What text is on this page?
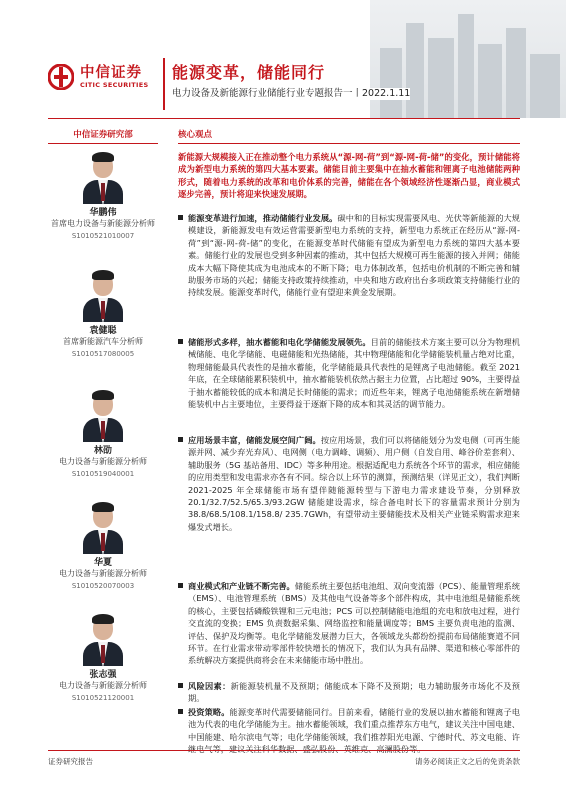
中信证券
CITIC SECURITIES
能源变革，储能同行
电力设备及新能源行业储能行业专题报告一丨2022.1.11
中信证券研究部
华鹏伟
首席电力设备与新能源分析师
S1010521010007
袁健聪
首席新能源汽车分析师
S1010517080005
林劭
电力设备与新能源分析师
S1010519040001
华夏
电力设备与新能源分析师
S1010520070003
张志强
电力设备与新能源分析师
S1010521120001
核心观点
新能源大规模接入正在推动整个电力系统从“源-网-荷”到“源-网-荷-储”的变化，预计储能将成为新型电力系统的第四大基本要素。储能目前主要集中在抽水蓄能和锂离子电池储能两种形式，随着电力系统的改革和电价体系的完善，储能在各个领域经济性逐渐凸显，商业模式逐步完善，预计将迎来快速发展期。
能源变革进行加速，推动储能行业发展。碳中和的目标实现需要风电、光伏等新能源的大规模建设，新能源发电有效运营需要新型电力系统的支持，新型电力系统正在经历从“源-网-荷”到“源-网-荷-储”的变化，在能源变革时代储能有望成为新型电力系统的第四大基本要素。储能行业的发展也受到多种因素的推动，其中包括大规模可再生能源的接入并网；储能成本大幅下降使其成为电池成本的不断下降；电力体制改革，包括电价机制的不断完善和辅助服务市场的兴起；储能支持政策持续推动，中央和地方政府出台多项政策支持储能行业的持续发展。能源变革时代，储能行业有望迎来黄金发展期。
储能形式多样，抽水蓄能和电化学储能发展领先。目前的储能技术方案主要可以分为物理机械储能、电化学储能、电磁储能和光热储能，其中物理储能和化学储能装机量占绝对比重，物理储能最具代表性的是抽水蓄能，化学储能最具代表性的是锂离子电池储能。截至 2021 年底，在全球储能累积装机中，抽水蓄能装机依然占据主力位置，占比超过 90%，主要得益于抽水蓄能较低的成本和满足长时储能的需求；而近些年来，锂离子电池储能系统在新增储能装机中占主要地位，主要得益于逐渐下降的成本和其灵活的调节能力。
应用场景丰富，储能发展空间广阔。按应用场景，我们可以将储能划分为发电侧（可再生能源并网、减少弃光弃风）、电网侧（电力调峰、调频）、用户侧（自发自用、峰谷价差套利）、辅助服务（5G 基站备用、IDC）等多种用途。根据适配电力系统各个环节的需求，相应储能的应用类型和发电需求亦各有不同。综合以上环节的测算，预测结果（详见正文），我们判断 2021-2025 年全球储能市场有望伴随能源转型与下游电力需求建设节奏，分别释放 20.1/32.7/52.5/65.3/93.2GW 储能建设需求，综合备电时长下的容量需求预计分别为 38.8/68.5/108.1/158.8/ 235.7GWh，有望带动主要储能技术及相关产业链采购需求迎来爆发式增长。
商业模式和产业链不断完善。储能系统主要包括电池组、双向变流器（PCS）、能量管理系统（EMS）、电池管理系统（BMS）及其他电气设备等多个部件构成，其中电池组是储能系统的核心，主要包括磷酸铁锂和三元电池；PCS 可以控制储能电池组的充电和放电过程，进行交直流的变换；EMS 负责数据采集、网络监控和能量调度等；BMS 主要负责电池的监测、评估、保护及均衡等。电化学储能发展潜力巨大，各领域龙头都纷纷提前布局储能赛道不同环节。在行业需求带动零部件较快增长的情况下，我们认为具有品牌、渠道和核心零部件的系统解决方案提供商将会在未来储能市场中胜出。
风险因素：新能源装机量不及预期；储能成本下降不及预期；电力辅助服务市场化不及预期。
投资策略。能源变革时代需要储能同行。目前来看，储能行业的发展以抽水蓄能和锂离子电池为代表的电化学储能为主。抽水蓄能领域，我们重点推荐东方电气，建议关注中国电建、中国能建、哈尔滨电气等；电化学储能领域，我们推荐阳光电源、宁德时代、苏文电能、许
证券研究报告	请务必阅读正文之后的免责条款
